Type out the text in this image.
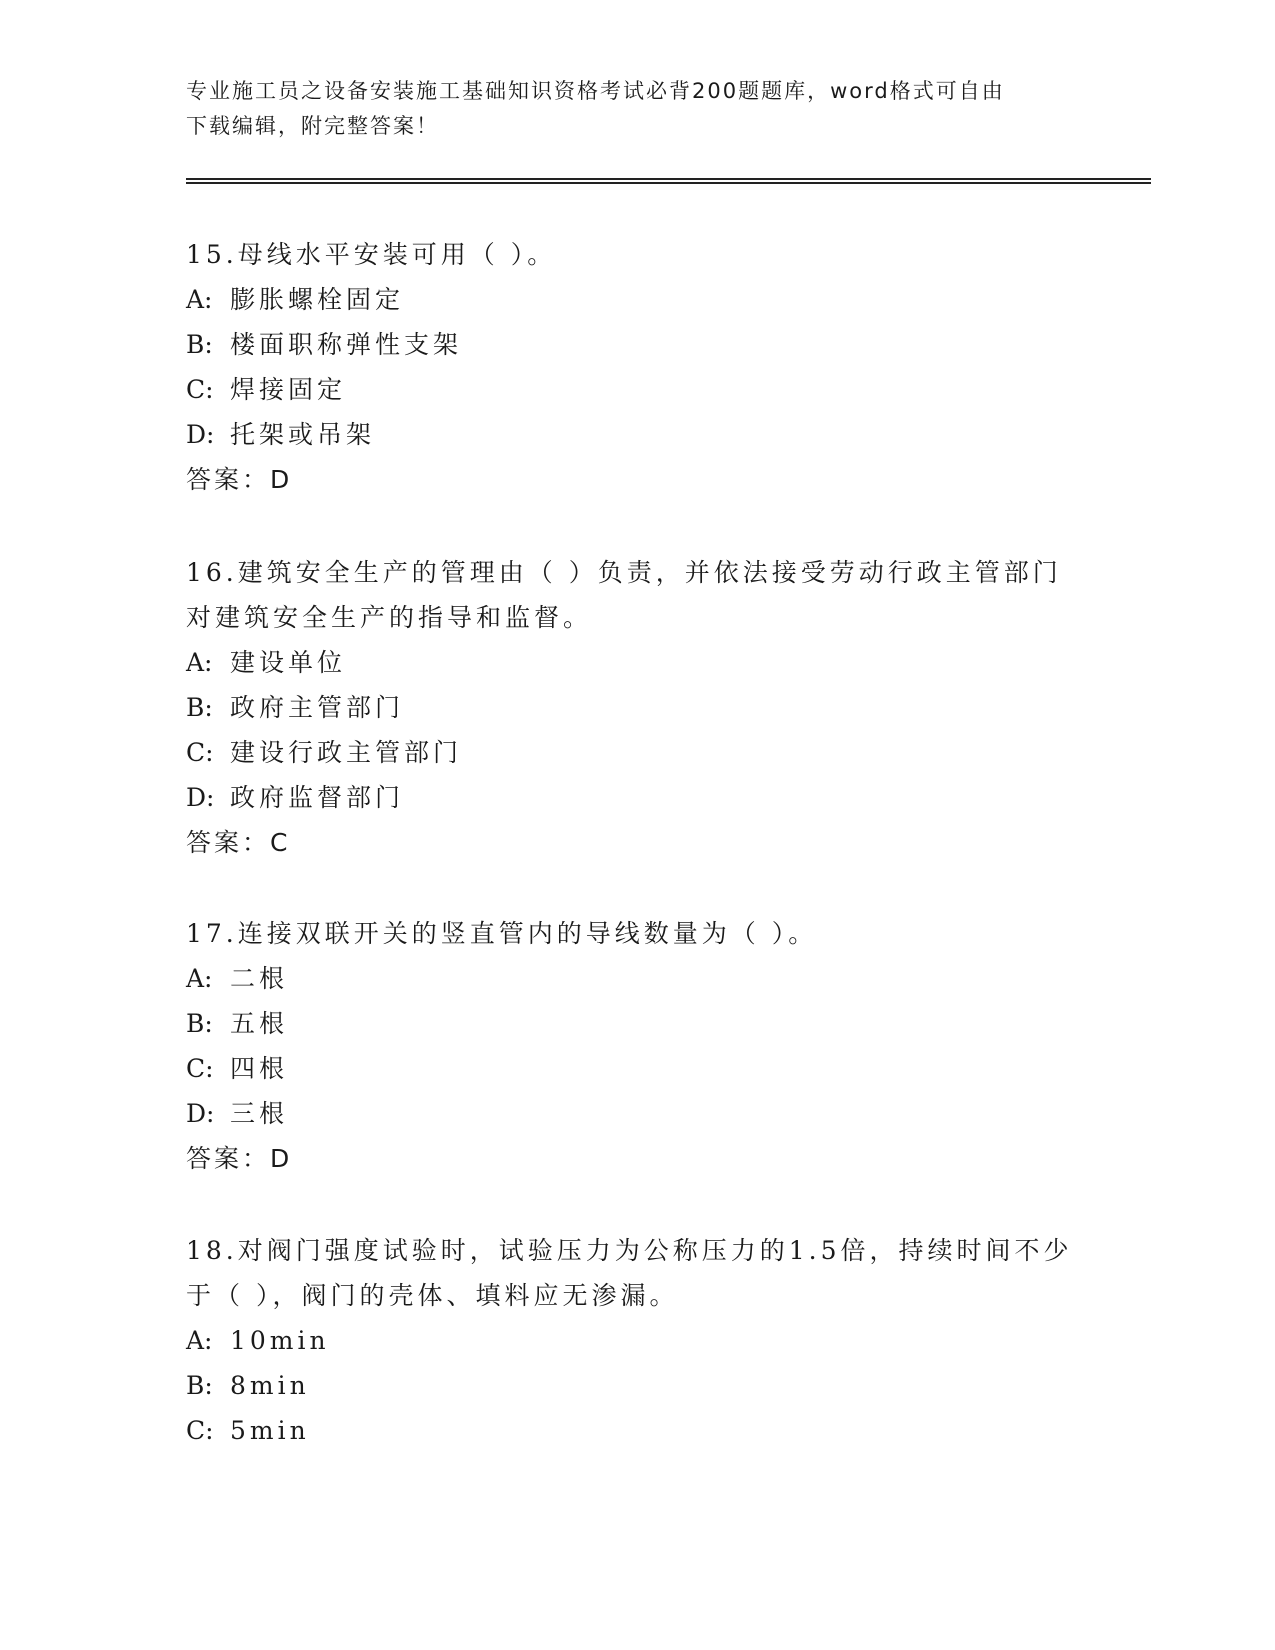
专业施工员之设备安装施工基础知识资格考试必背200题题库，word格式可自由
下载编辑，附完整答案！

15.母线水平安装可用（ ）。

A: 膨胀螺栓固定

B: 楼面职称弹性支架

C: 焊接固定

D: 托架或吊架

答案：D

16.建筑安全生产的管理由（ ）负责，并依法接受劳动行政主管部门

对建筑安全生产的指导和监督。

A: 建设单位

B: 政府主管部门

C: 建设行政主管部门

D: 政府监督部门

答案：C

17.连接双联开关的竖直管内的导线数量为（ ）。

A: 二根

B: 五根

C: 四根

D: 三根

答案：D

18.对阀门强度试验时，试验压力为公称压力的1.5倍，持续时间不少

于（ ），阀门的壳体、填料应无渗漏。

A: 10min

B: 8min

C: 5min
